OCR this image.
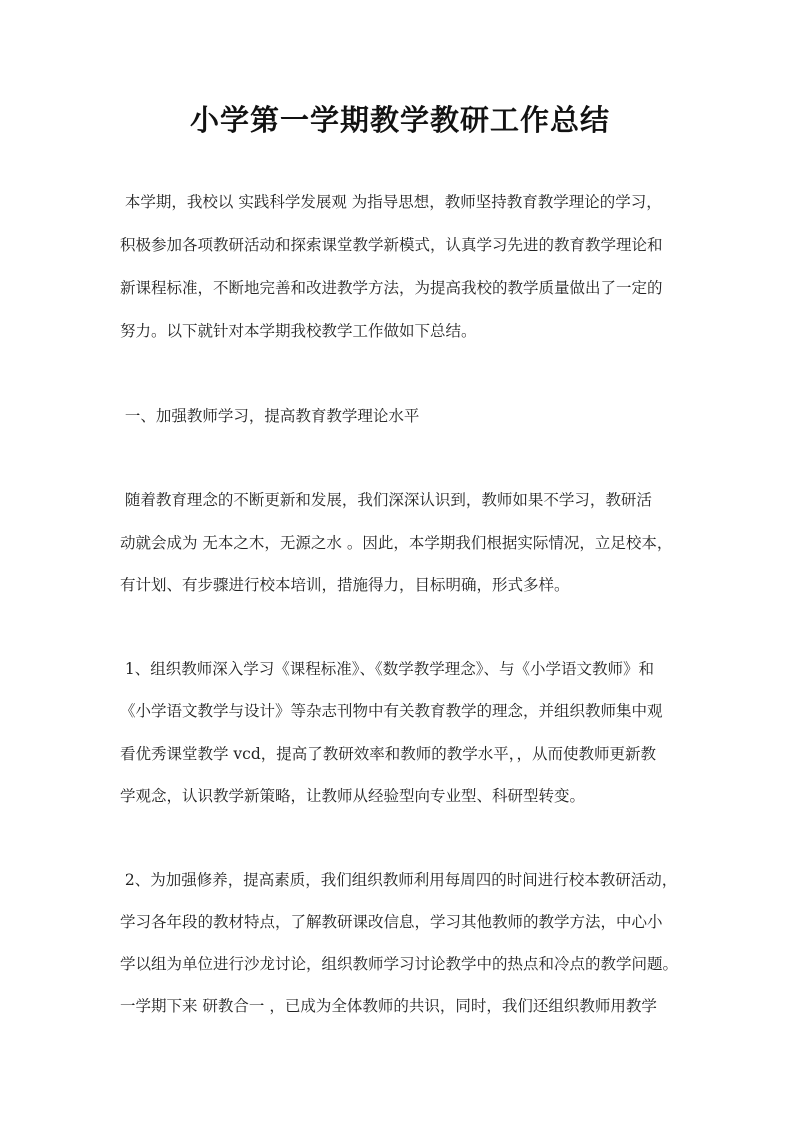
小学第一学期教学教研工作总结
本学期，我校以 实践科学发展观 为指导思想，教师坚持教育教学理论的学习，
积极参加各项教研活动和探索课堂教学新模式，认真学习先进的教育教学理论和
新课程标准，不断地完善和改进教学方法，为提高我校的教学质量做出了一定的
努力。以下就针对本学期我校教学工作做如下总结。
一、加强教师学习，提高教育教学理论水平
随着教育理念的不断更新和发展，我们深深认识到，教师如果不学习，教研活
动就会成为 无本之木，无源之水 。因此，本学期我们根据实际情况，立足校本，
有计划、有步骤进行校本培训，措施得力，目标明确，形式多样。
1、组织教师深入学习《课程标准》、《数学教学理念》、与《小学语文教师》和
《小学语文教学与设计》等杂志刊物中有关教育教学的理念，并组织教师集中观
看优秀课堂教学 vcd，提高了教研效率和教师的教学水平，，从而使教师更新教
学观念，认识教学新策略，让教师从经验型向专业型、科研型转变。
2、为加强修养，提高素质，我们组织教师利用每周四的时间进行校本教研活动，
学习各年段的教材特点，了解教研课改信息，学习其他教师的教学方法，中心小
学以组为单位进行沙龙讨论，组织教师学习讨论教学中的热点和冷点的教学问题。
一学期下来 研教合一 ，已成为全体教师的共识，同时，我们还组织教师用教学
